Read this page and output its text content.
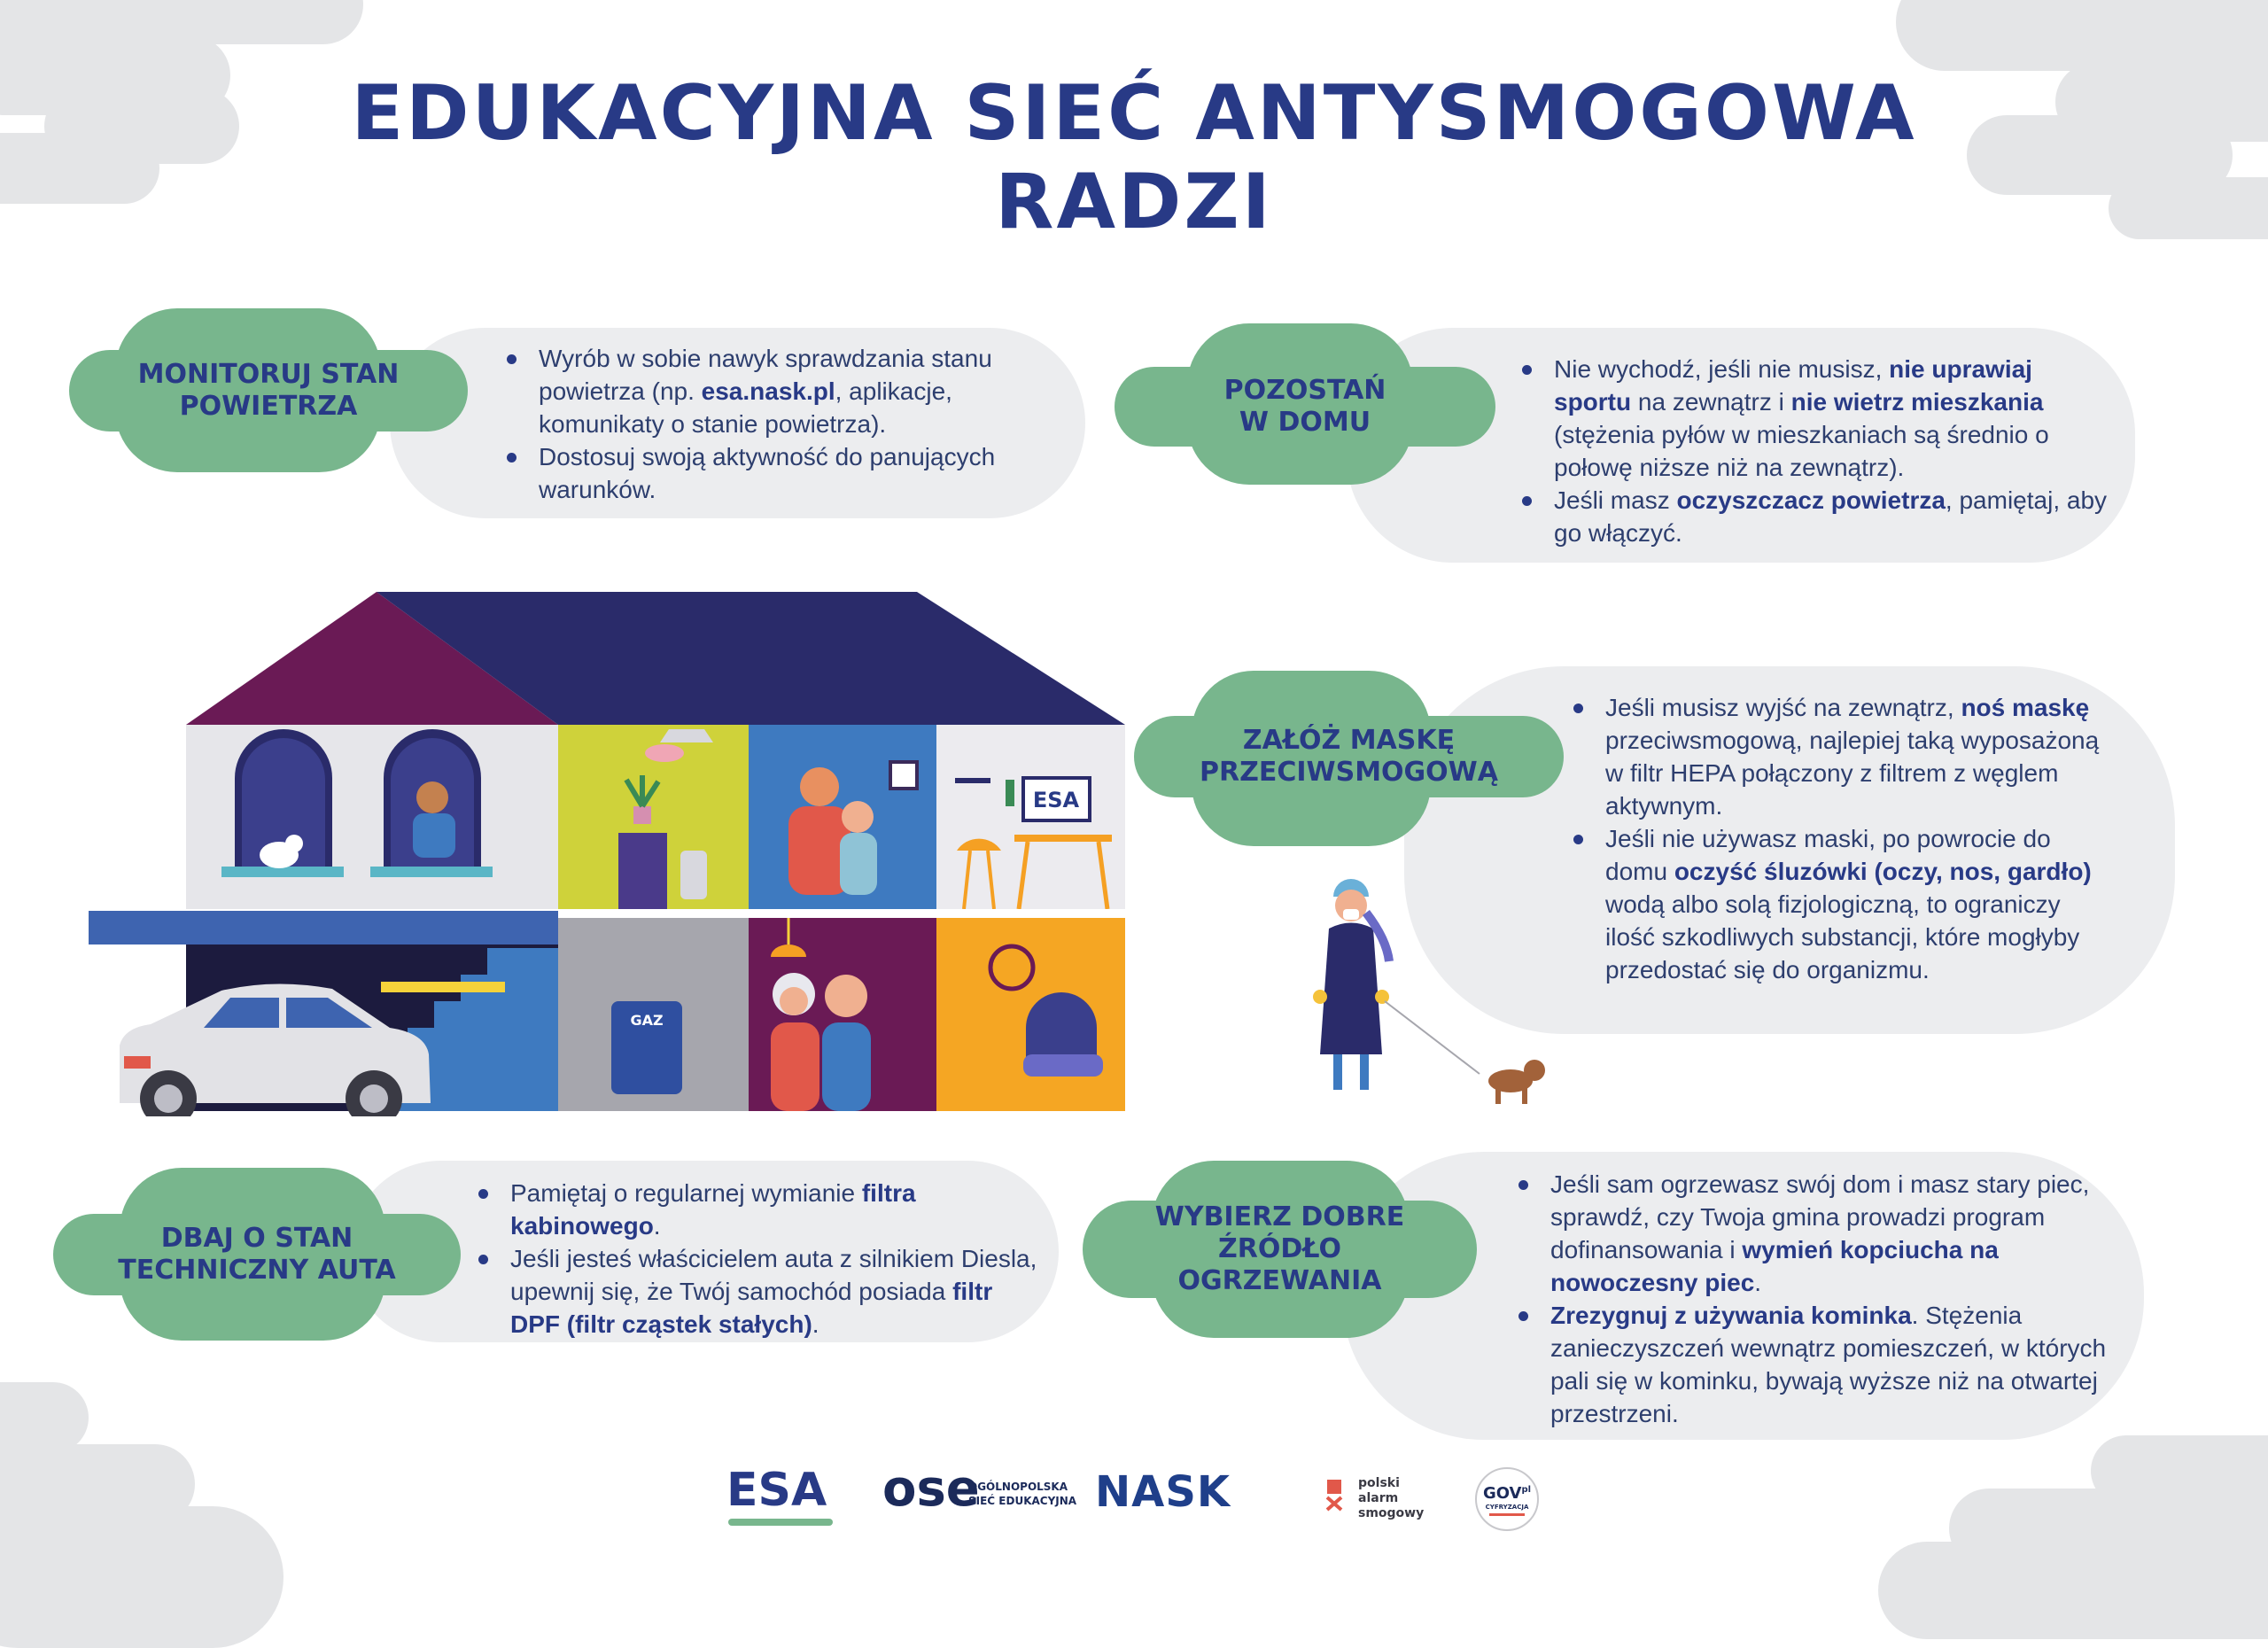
EDUKACYJNA SIEĆ ANTYSMOGOWA
RADZI
MONITORUJ STAN
POWIETRZA
Wyrób w sobie nawyk sprawdzania stanu powietrza (np. esa.nask.pl, aplikacje, komunikaty o stanie powietrza).
Dostosuj swoją aktywność do panujących warunków.
POZOSTAŃ
W DOMU
Nie wychodź, jeśli nie musisz, nie uprawiaj sportu na zewnątrz i nie wietrz mieszkania (stężenia pyłów w mieszkaniach są średnio o połowę niższe niż na zewnątrz).
Jeśli masz oczyszczacz powietrza, pamiętaj, aby go włączyć.
ZAŁÓŻ MASKĘ
PRZECIWSMOGOWĄ
Jeśli musisz wyjść na zewnątrz, noś maskę przeciwsmogową, najlepiej taką wyposażoną w filtr HEPA połączony z filtrem z węglem aktywnym.
Jeśli nie używasz maski, po powrocie do domu oczyść śluzówki (oczy, nos, gardło) wodą albo solą fizjologiczną, to ograniczy ilość szkodliwych substancji, które mogłyby przedostać się do organizmu.
DBAJ O STAN
TECHNICZNY AUTA
Pamiętaj o regularnej wymianie filtra kabinowego.
Jeśli jesteś właścicielem auta z silnikiem Diesla, upewnij się, że Twój samochód posiada filtr DPF (filtr cząstek stałych).
WYBIERZ DOBRE
ŹRÓDŁO
OGRZEWANIA
Jeśli sam ogrzewasz swój dom i masz stary piec, sprawdź, czy Twoja gmina prowadzi program dofinansowania i wymień kopciucha na nowoczesny piec.
Zrezygnuj z używania kominka. Stężenia zanieczyszczeń wewnątrz pomieszczeń, w których pali się w kominku, bywają wyższe niż na otwartej przestrzeni.
ESA
GAZ
ESA ose
OGÓLNOPOLSKA
SIEĆ EDUKACYJNA NASK	polski
alarm
smogowy
$GOV^{pl}$
CYFRYZACJA
